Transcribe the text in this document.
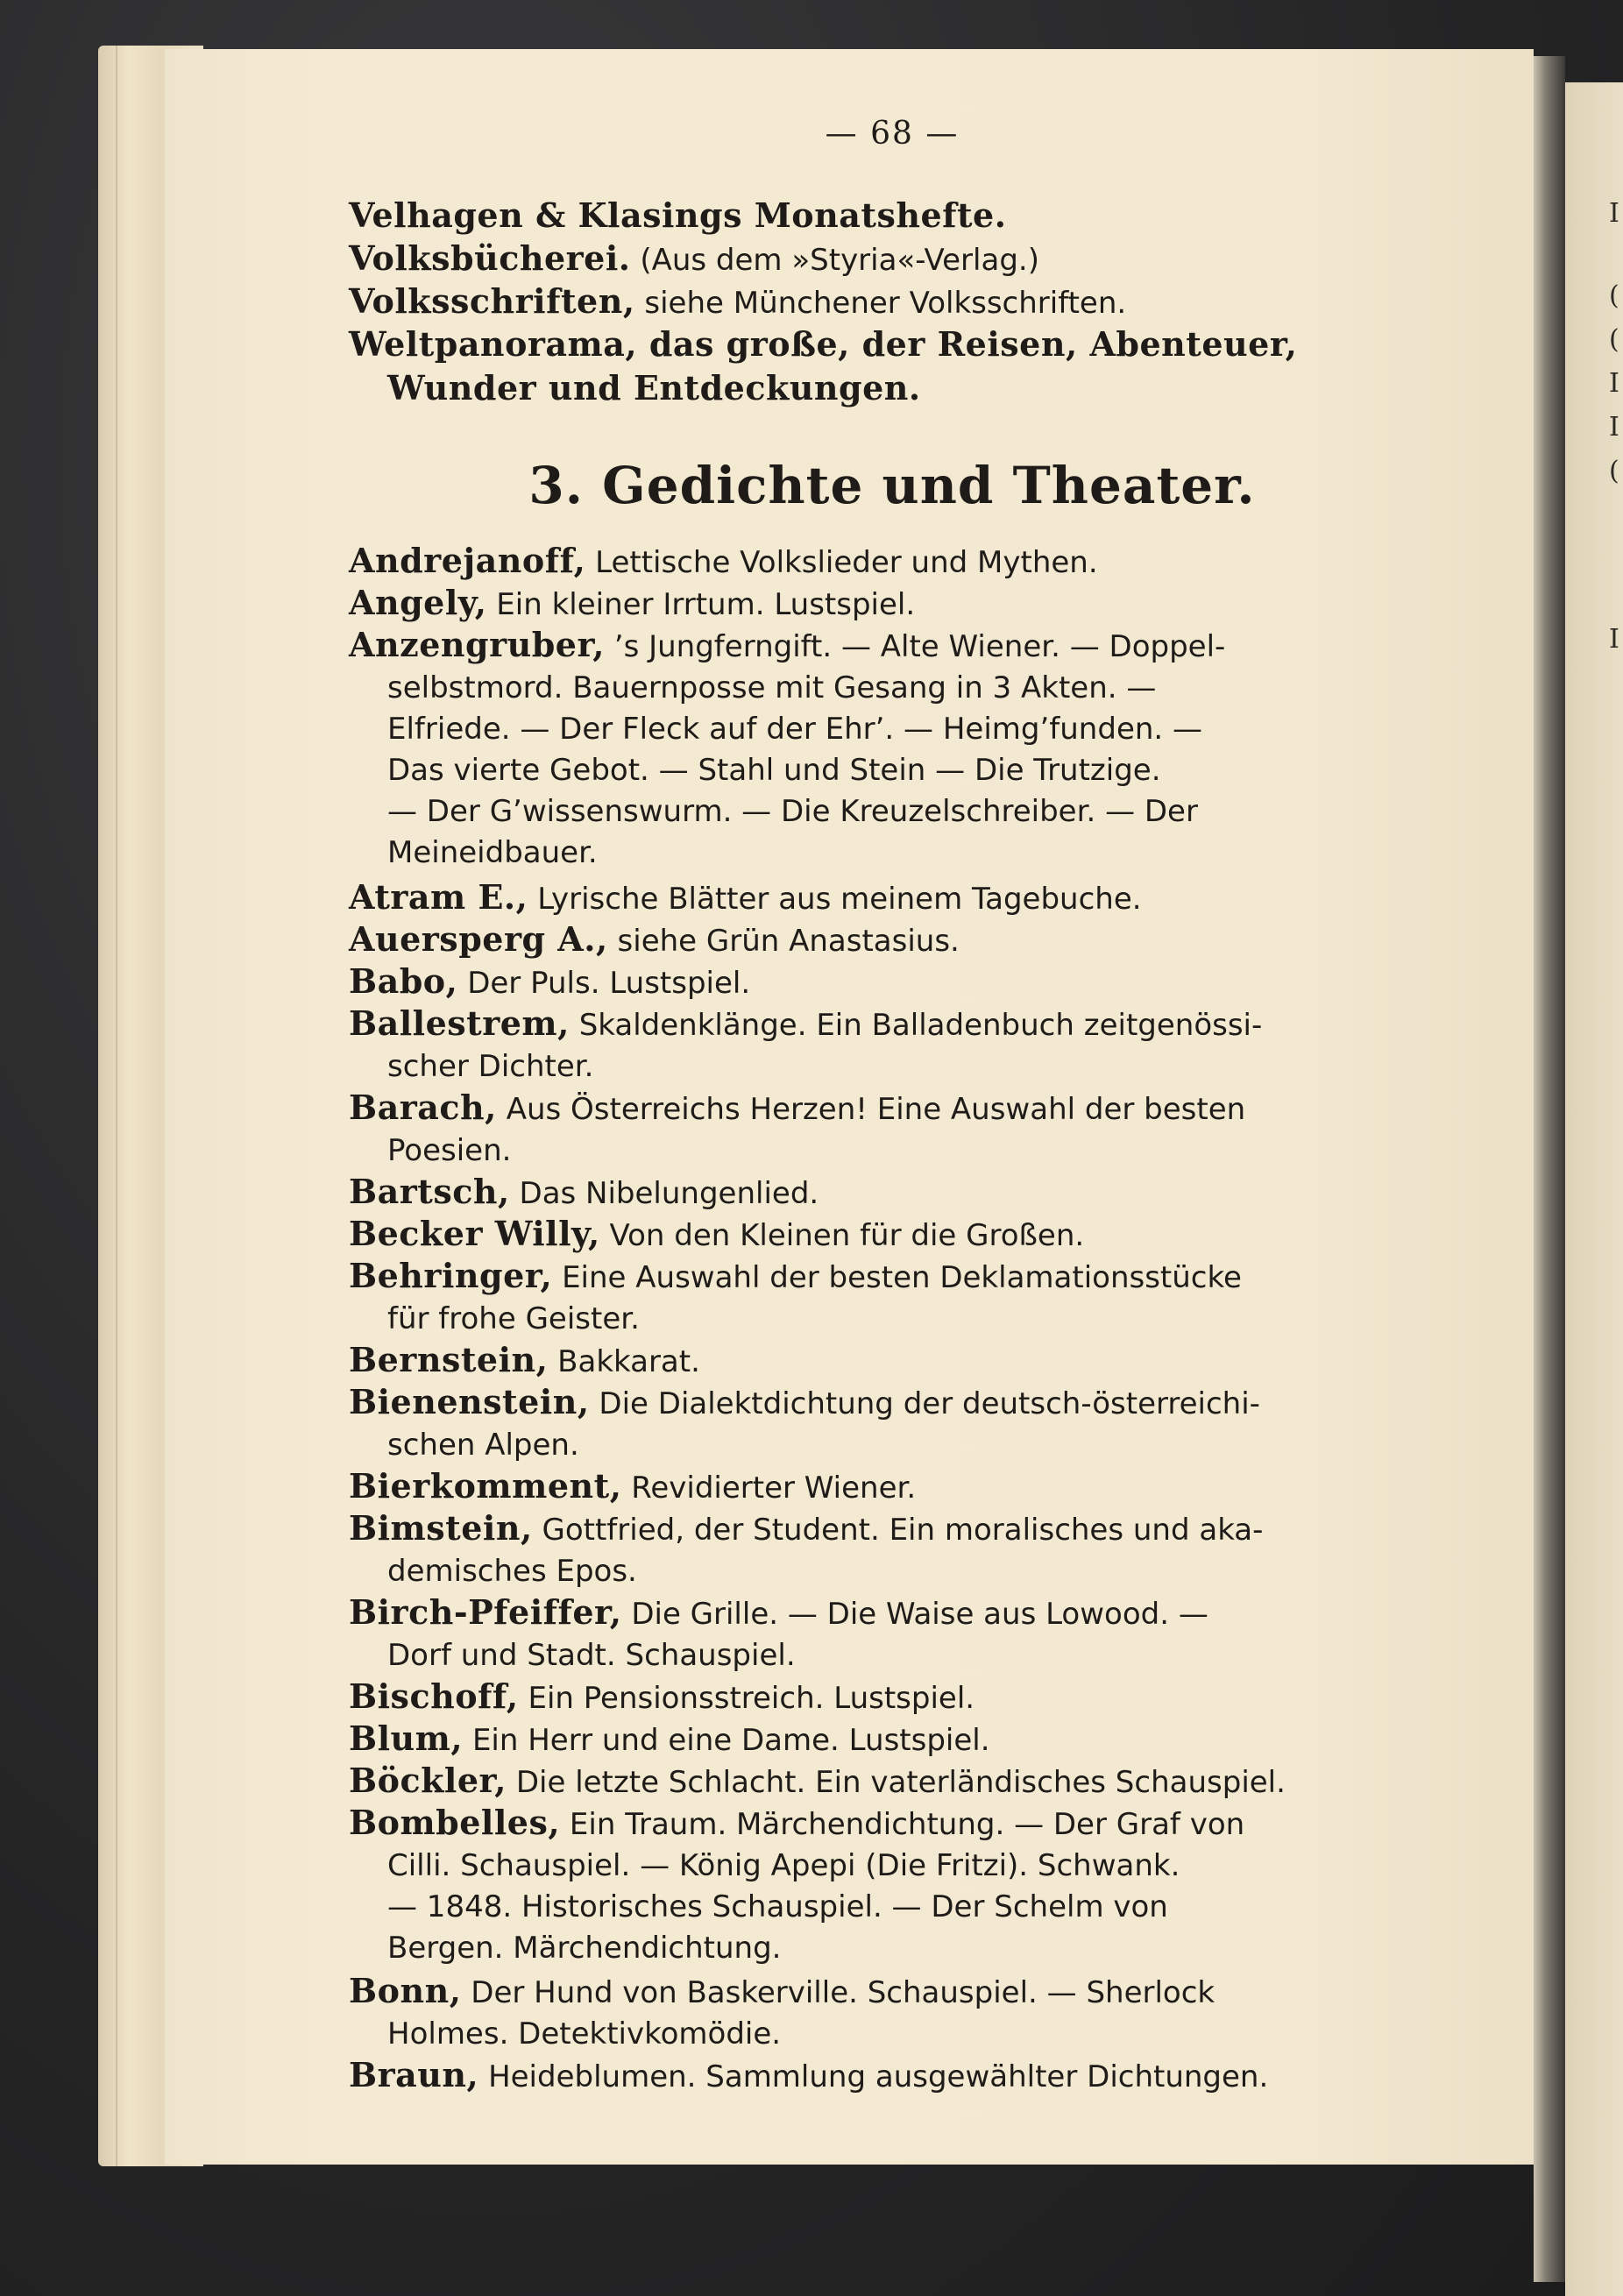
I
(
(
I
I
(
I
— 68 —
Velhagen & Klasings Monatshefte.
Volksbücherei. (Aus dem »Styria«-Verlag.)
Volksschriften, siehe Münchener Volksschriften.
Weltpanorama, das große, der Reisen, Abenteuer,
Wunder und Entdeckungen.
3. Gedichte und Theater.
Andrejanoff, Lettische Volkslieder und Mythen.
Angely, Ein kleiner Irrtum. Lustspiel.
Anzengruber, ’s Jungferngift. — Alte Wiener. — Doppel-
selbstmord. Bauernposse mit Gesang in 3 Akten. —
Elfriede. — Der Fleck auf der Ehr’. — Heimg’funden. —
Das vierte Gebot. — Stahl und Stein — Die Trutzige.
— Der G’wissenswurm. — Die Kreuzelschreiber. — Der
Meineidbauer.
Atram E., Lyrische Blätter aus meinem Tagebuche.
Auersperg A., siehe Grün Anastasius.
Babo, Der Puls. Lustspiel.
Ballestrem, Skaldenklänge. Ein Balladenbuch zeitgenössi-
scher Dichter.
Barach, Aus Österreichs Herzen! Eine Auswahl der besten
Poesien.
Bartsch, Das Nibelungenlied.
Becker Willy, Von den Kleinen für die Großen.
Behringer, Eine Auswahl der besten Deklamationsstücke
für frohe Geister.
Bernstein, Bakkarat.
Bienenstein, Die Dialektdichtung der deutsch-österreichi-
schen Alpen.
Bierkomment, Revidierter Wiener.
Bimstein, Gottfried, der Student. Ein moralisches und aka-
demisches Epos.
Birch-Pfeiffer, Die Grille. — Die Waise aus Lowood. —
Dorf und Stadt. Schauspiel.
Bischoff, Ein Pensionsstreich. Lustspiel.
Blum, Ein Herr und eine Dame. Lustspiel.
Böckler, Die letzte Schlacht. Ein vaterländisches Schauspiel.
Bombelles, Ein Traum. Märchendichtung. — Der Graf von
Cilli. Schauspiel. — König Apepi (Die Fritzi). Schwank.
— 1848. Historisches Schauspiel. — Der Schelm von
Bergen. Märchendichtung.
Bonn, Der Hund von Baskerville. Schauspiel. — Sherlock
Holmes. Detektivkomödie.
Braun, Heideblumen. Sammlung ausgewählter Dichtungen.
